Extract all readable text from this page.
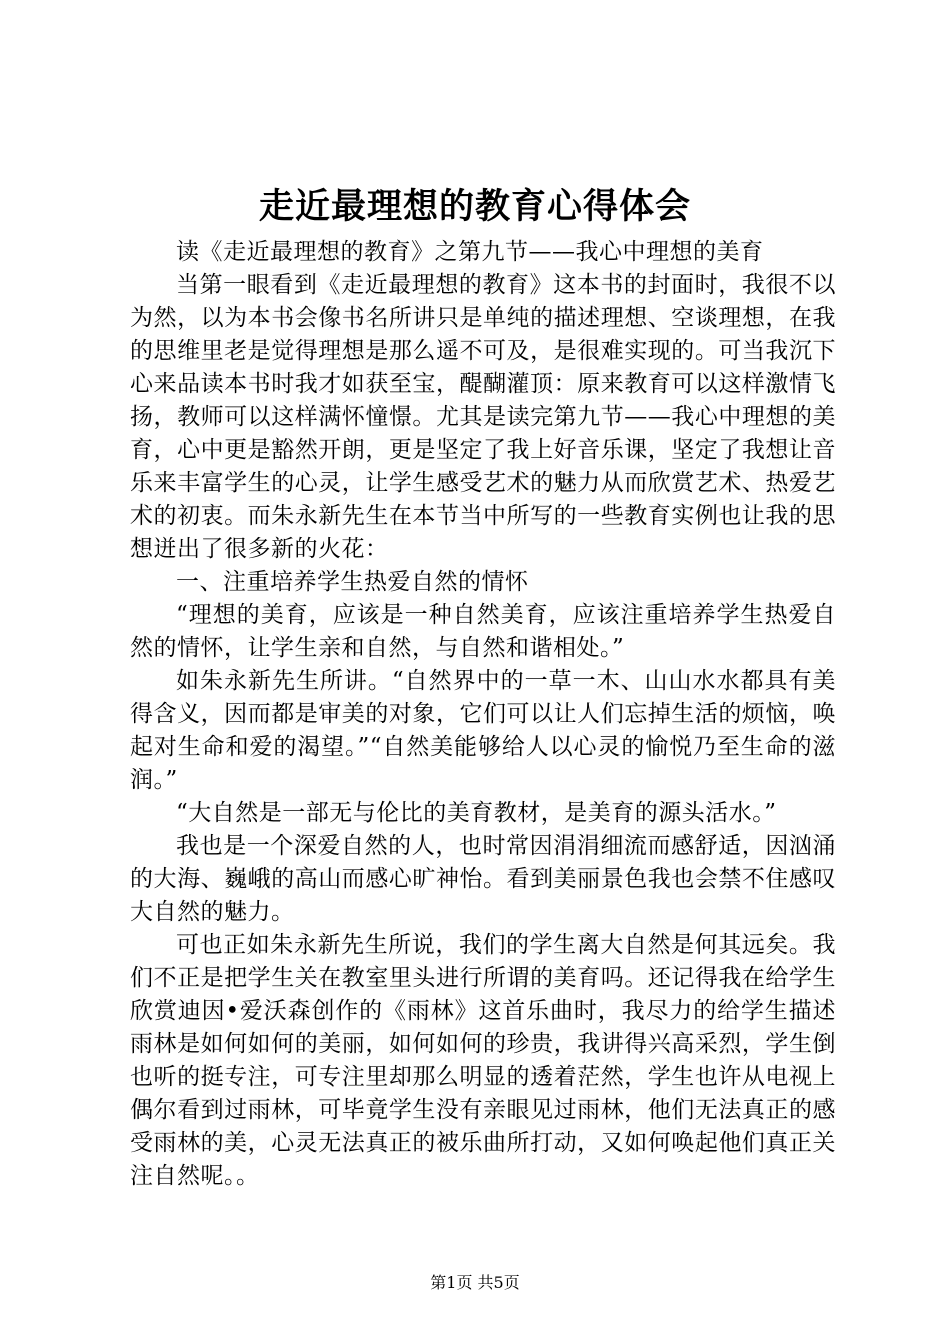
走近最理想的教育心得体会

读《走近最理想的教育》之第九节——我心中理想的美育

当第一眼看到《走近最理想的教育》这本书的封面时，我很不以为然，以为本书会像书名所讲只是单纯的描述理想、空谈理想，在我的思维里老是觉得理想是那么遥不可及，是很难实现的。可当我沉下心来品读本书时我才如获至宝，醍醐灌顶：原来教育可以这样激情飞扬，教师可以这样满怀憧憬。尤其是读完第九节——我心中理想的美育，心中更是豁然开朗，更是坚定了我上好音乐课，坚定了我想让音乐来丰富学生的心灵，让学生感受艺术的魅力从而欣赏艺术、热爱艺术的初衷。而朱永新先生在本节当中所写的一些教育实例也让我的思想迸出了很多新的火花：

一、注重培养学生热爱自然的情怀

“理想的美育，应该是一种自然美育，应该注重培养学生热爱自然的情怀，让学生亲和自然，与自然和谐相处。”

如朱永新先生所讲。“自然界中的一草一木、山山水水都具有美得含义，因而都是审美的对象，它们可以让人们忘掉生活的烦恼，唤起对生命和爱的渴望。”“自然美能够给人以心灵的愉悦乃至生命的滋润。”

“大自然是一部无与伦比的美育教材，是美育的源头活水。”

我也是一个深爱自然的人，也时常因涓涓细流而感舒适，因汹涌的大海、巍峨的高山而感心旷神怡。看到美丽景色我也会禁不住感叹大自然的魅力。

可也正如朱永新先生所说，我们的学生离大自然是何其远矣。我们不正是把学生关在教室里头进行所谓的美育吗。还记得我在给学生欣赏迪因•爱沃森创作的《雨林》这首乐曲时，我尽力的给学生描述雨林是如何如何的美丽，如何如何的珍贵，我讲得兴高采烈，学生倒也听的挺专注，可专注里却那么明显的透着茫然，学生也许从电视上偶尔看到过雨林，可毕竟学生没有亲眼见过雨林，他们无法真正的感受雨林的美，心灵无法真正的被乐曲所打动，又如何唤起他们真正关注自然呢。。

第1页 共5页
